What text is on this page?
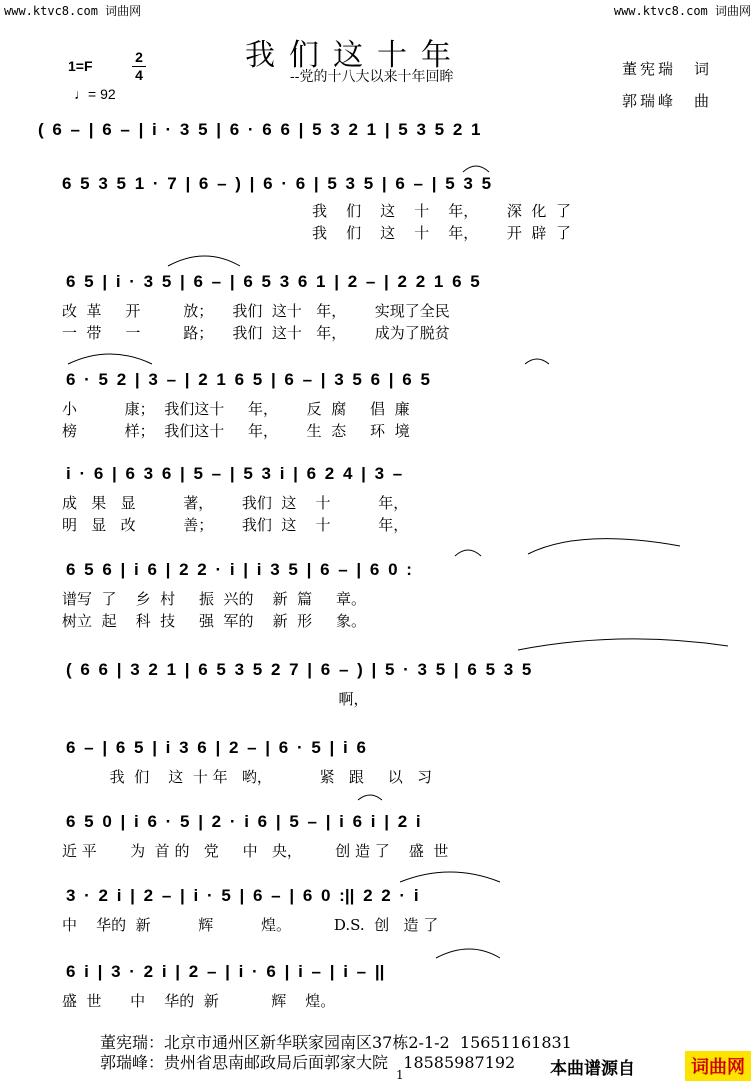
www.ktvc8.com 词曲网	www.ktvc8.com 词曲网
我们这十年
--党的十八大以来十年回眸
1=F
2
4
♩= 92
董宪瑞　词
郭瑞峰　曲
( 6 – | 6 – | i · 3 5 | 6 · 6 6 | 5 3 2 1 | 5 3 5 2 1
6 5 3 5 1 · 7 | 6 – ) | 6 · 6 | 5 3 5 | 6 – | 5 3 5
我    们    这    十    年，      深  化  了
我    们    这    十    年，      开  辟  了
6 5 | i · 3 5 | 6 – | 6 5 3 6 1 | 2 – | 2 2 1 6 5
改  革     开         放；    我们  这十   年，      实现了全民
一  带     一         路；    我们  这十   年，      成为了脱贫
6 · 5 2 | 3 – | 2 1 6 5 | 6 – | 3 5 6 | 6 5
小          康；  我们这十     年，      反  腐     倡  廉
榜          样；  我们这十     年，      生  态     环  境
i · 6 | 6 3 6 | 5 – | 5 3 i | 6 2 4 | 3 –
成   果   显          著，      我们  这    十          年，
明   显   改          善；      我们  这    十          年，
6 5 6 | i 6 | 2 2 · i | i 3 5 | 6 – | 6 0 :
谱写  了    乡  村     振  兴的    新  篇     章。
树立  起    科  技     强  军的    新  形     象。
( 6 6 | 3 2 1 | 6 5 3 5 2 7 | 6 – ) | 5 · 3 5 | 6 5 3 5
啊，
6 – | 6 5 | i 3 6 | 2 – | 6 · 5 | i 6
我  们    这  十 年   哟，          紧   跟     以   习
6 5 0 | i 6 · 5 | 2 · i 6 | 5 – | i 6 i | 2 i
近 平       为  首 的   党     中   央，       创 造 了    盛  世
3 · 2 i | 2 – | i · 5 | 6 – | 6 0 :|| 2 2 · i
中    华的  新          辉          煌。         D.S.  创   造 了
6 i | 3 · 2 i | 2 – | i · 6 | i – | i – ||
盛  世      中    华的  新           辉    煌。
董宪瑞：北京市通州区新华联家园南区37栋2-1-2  15651161831
郭瑞峰：贵州省思南邮政局后面郭家大院   18585987192
1	本曲谱源自	词曲网
